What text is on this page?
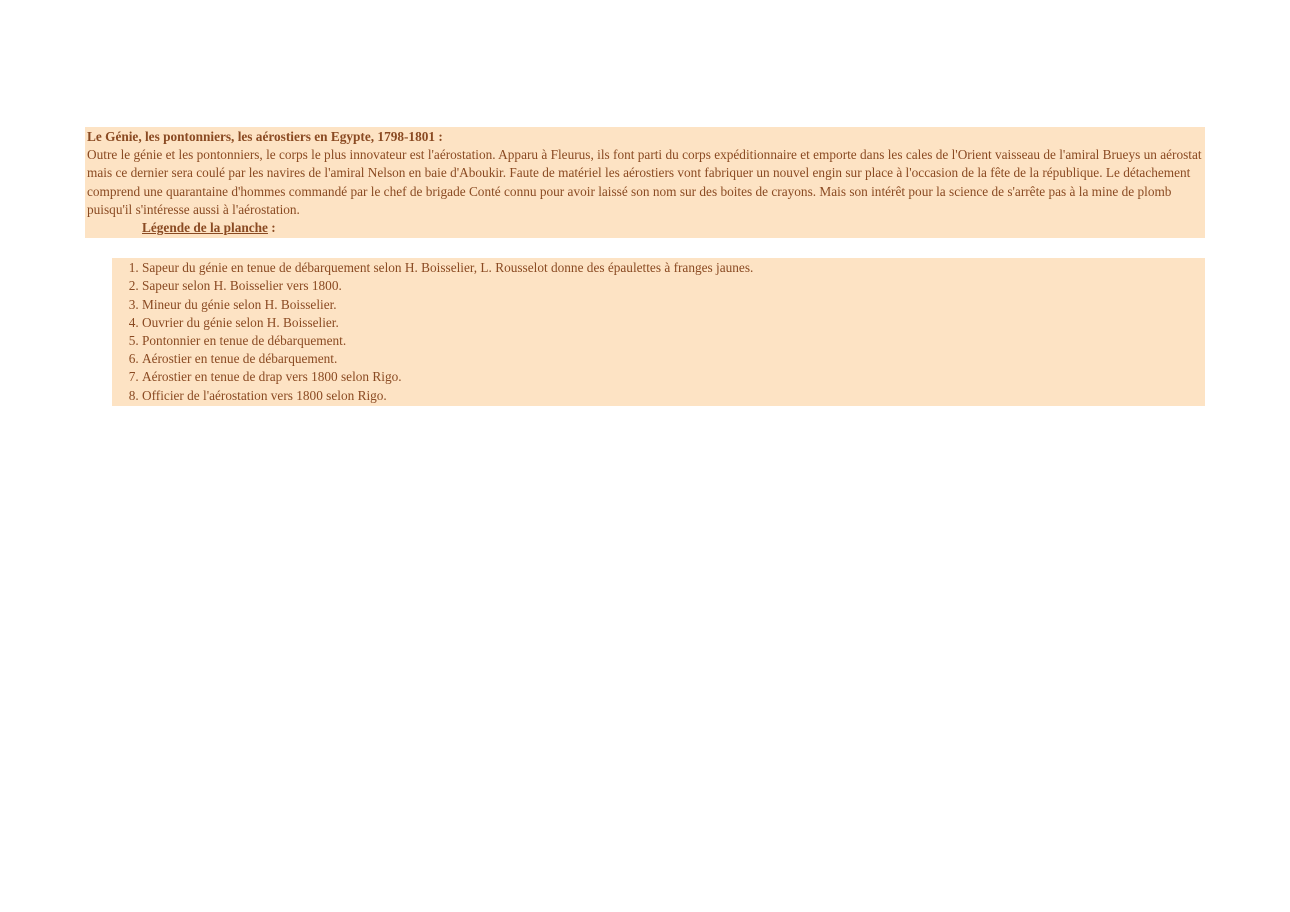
Le Génie, les pontonniers, les aérostiers en Egypte, 1798-1801 :
Outre le génie et les pontonniers, le corps le plus innovateur est l'aérostation. Apparu à Fleurus, ils font parti du corps expéditionnaire et emporte dans les cales de l'Orient vaisseau de l'amiral Brueys un aérostat mais ce dernier sera coulé par les navires de l'amiral Nelson en baie d'Aboukir. Faute de matériel les aérostiers vont fabriquer un nouvel engin sur place à l'occasion de la fête de la république. Le détachement comprend une quarantaine d'hommes commandé par le chef de brigade Conté connu pour avoir laissé son nom sur des boites de crayons. Mais son intérêt pour la science de s'arrête pas à la mine de plomb puisqu'il s'intéresse aussi à l'aérostation.
Légende de la planche :
1. Sapeur du génie en tenue de débarquement selon H. Boisselier, L. Rousselot donne des épaulettes à franges jaunes.
2. Sapeur selon H. Boisselier vers 1800.
3. Mineur du génie selon H. Boisselier.
4. Ouvrier du génie selon H. Boisselier.
5. Pontonnier en tenue de débarquement.
6. Aérostier en tenue de débarquement.
7. Aérostier en tenue de drap vers 1800 selon Rigo.
8. Officier de l'aérostation vers 1800 selon Rigo.
